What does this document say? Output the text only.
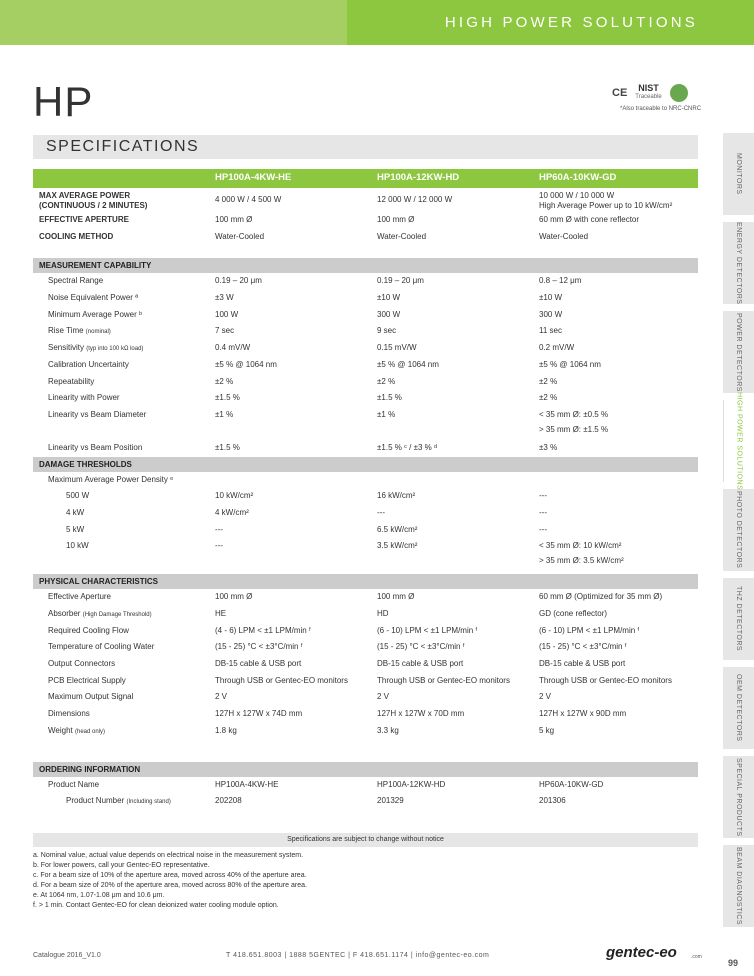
HIGH POWER SOLUTIONS
HP	CE	NIST
Traceable
*Also traceable to NRC-CNRC
SPECIFICATIONS
HP100A-4KW-HE	HP100A-12KW-HD	HP60A-10KW-GD
MAX AVERAGE POWER
(CONTINUOUS / 2 MINUTES)
4 000 W / 4 500 W	12 000 W / 12 000 W	10 000 W / 10 000 W
High Average Power up to 10 kW/cm²
EFFECTIVE APERTURE	100 mm Ø	100 mm Ø	60 mm Ø with cone reflector
COOLING METHOD	Water-Cooled	Water-Cooled	Water-Cooled
MEASUREMENT CAPABILITY
Spectral Range	0.19 – 20 μm	0.19 – 20 μm	0.8 – 12 μm
Noise Equivalent Power ª	±3 W	±10 W	±10 W
Minimum Average Power ᵇ	100 W	300 W	300 W
Rise Time (nominal)	7 sec	9 sec	11 sec
Sensitivity (typ into 100 kΩ load)	0.4 mV/W	0.15 mV/W	0.2 mV/W
Calibration Uncertainty	±5 % @ 1064 nm	±5 % @ 1064 nm	±5 % @ 1064 nm
Repeatability	±2 %	±2 %	±2 %
Linearity with Power	±1.5 %	±1.5 %	±2 %
Linearity vs Beam Diameter	±1 %	±1 %	< 35 mm Ø: ±0.5 %
> 35 mm Ø: ±1.5 %
Linearity vs Beam Position	±1.5 %	±1.5 % ᶜ / ±3 % ᵈ	±3 %
DAMAGE THRESHOLDS
Maximum Average Power Density ᵉ
500 W	10 kW/cm²	16 kW/cm²	---
4 kW	4 kW/cm²	---	---
5 kW	---	6.5 kW/cm²	---
10 kW	---	3.5 kW/cm²	< 35 mm Ø: 10 kW/cm²
> 35 mm Ø: 3.5 kW/cm²
PHYSICAL CHARACTERISTICS
Effective Aperture	100 mm Ø	100 mm Ø	60 mm Ø (Optimized for 35 mm Ø)
Absorber (High Damage Threshold)	HE	HD	GD (cone reflector)
Required Cooling Flow	(4 - 6) LPM < ±1 LPM/min ᶠ	(6 - 10) LPM < ±1 LPM/min ᶠ	(6 - 10) LPM < ±1 LPM/min ᶠ
Temperature of Cooling Water	(15 - 25) °C < ±3°C/min ᶠ	(15 - 25) °C < ±3°C/min ᶠ	(15 - 25) °C < ±3°C/min ᶠ
Output Connectors	DB-15 cable & USB port	DB-15 cable & USB port	DB-15 cable & USB port
PCB Electrical Supply	Through USB or Gentec-EO monitors	Through USB or Gentec-EO monitors	Through USB or Gentec-EO monitors
Maximum Output Signal	2 V	2 V	2 V
Dimensions	127H x 127W x 74D mm	127H x 127W x 70D mm	127H x 127W x 90D mm
Weight (head only)	1.8 kg	3.3 kg	5 kg
ORDERING INFORMATION
Product Name	HP100A-4KW-HE	HP100A-12KW-HD	HP60A-10KW-GD
Product Number (Including stand)	202208	201329	201306
Specifications are subject to change without notice
a. Nominal value, actual value depends on electrical noise in the measurement system.
b. For lower powers, call your Gentec-EO representative.
c. For a beam size of 10% of the aperture area, moved across 40% of the aperture area.
d. For a beam size of 20% of the aperture area, moved across 80% of the aperture area.
e. At 1064 nm, 1.07-1.08 μm and 10.6 μm.
f. > 1 min. Contact Gentec-EO for clean deionized water cooling module option.
Catalogue 2016_V1.0	T 418.651.8003 | 1888 5GENTEC | F 418.651.1174 | info@gentec-eo.com	gentec-eo	.com
99
MONITORS
ENERGY DETECTORS
POWER DETECTORS
HIGH POWER SOLUTIONS
PHOTO DETECTORS
THZ DETECTORS
OEM DETECTORS
SPECIAL PRODUCTS
BEAM DIAGNOSTICS
